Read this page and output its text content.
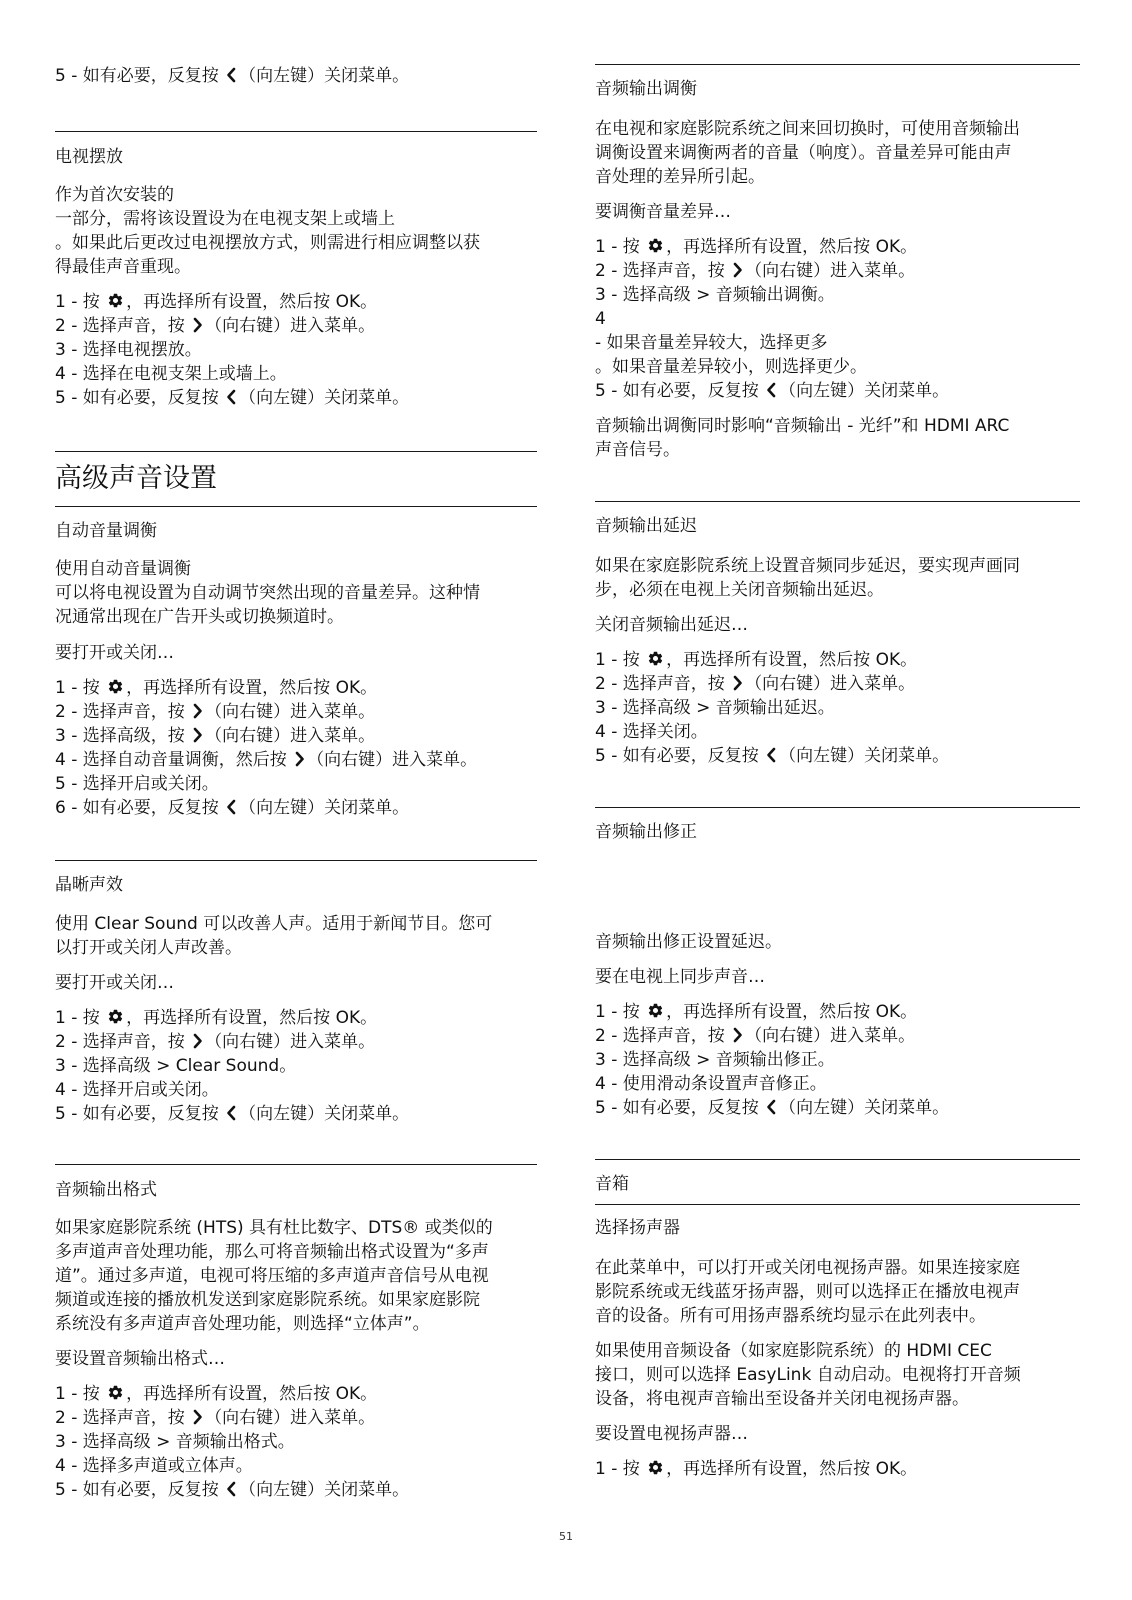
5 - 如有必要，反复按
（向左键）关闭菜单。
电视摆放
作为首次安装的
一部分，需将该设置设为在电视支架上或墙上
。如果此后更改过电视摆放方式，则需进行相应调整以获
得最佳声音重现。
1 - 按
，再选择所有设置，然后按 OK。
2 - 选择声音，按
（向右键）进入菜单。
3 - 选择电视摆放。
4 - 选择在电视支架上或墙上。
5 - 如有必要，反复按
（向左键）关闭菜单。
高级声音设置
自动音量调衡
使用自动音量调衡
可以将电视设置为自动调节突然出现的音量差异。这种情
况通常出现在广告开头或切换频道时。
要打开或关闭…
1 - 按
，再选择所有设置，然后按 OK。
2 - 选择声音，按
（向右键）进入菜单。
3 - 选择高级，按
（向右键）进入菜单。
4 - 选择自动音量调衡，然后按
（向右键）进入菜单。
5 - 选择开启或关闭。
6 - 如有必要，反复按
（向左键）关闭菜单。
晶晰声效
使用 Clear Sound 可以改善人声。适用于新闻节目。您可
以打开或关闭人声改善。
要打开或关闭…
1 - 按
，再选择所有设置，然后按 OK。
2 - 选择声音，按
（向右键）进入菜单。
3 - 选择高级 > Clear Sound。
4 - 选择开启或关闭。
5 - 如有必要，反复按
（向左键）关闭菜单。
音频输出格式
如果家庭影院系统 (HTS) 具有杜比数字、DTS® 或类似的
多声道声音处理功能，那么可将音频输出格式设置为“多声
道”。通过多声道，电视可将压缩的多声道声音信号从电视
频道或连接的播放机发送到家庭影院系统。如果家庭影院
系统没有多声道声音处理功能，则选择“立体声”。
要设置音频输出格式…
1 - 按
，再选择所有设置，然后按 OK。
2 - 选择声音，按
（向右键）进入菜单。
3 - 选择高级 > 音频输出格式。
4 - 选择多声道或立体声。
5 - 如有必要，反复按
（向左键）关闭菜单。
音频输出调衡
在电视和家庭影院系统之间来回切换时，可使用音频输出
调衡设置来调衡两者的音量（响度）。音量差异可能由声
音处理的差异所引起。
要调衡音量差异…
1 - 按
，再选择所有设置，然后按 OK。
2 - 选择声音，按
（向右键）进入菜单。
3 - 选择高级 > 音频输出调衡。
4
- 如果音量差异较大，选择更多
。如果音量差异较小，则选择更少。
5 - 如有必要，反复按
（向左键）关闭菜单。
音频输出调衡同时影响“音频输出 - 光纤”和 HDMI ARC
声音信号。
音频输出延迟
如果在家庭影院系统上设置音频同步延迟，要实现声画同
步，必须在电视上关闭音频输出延迟。
关闭音频输出延迟…
1 - 按
，再选择所有设置，然后按 OK。
2 - 选择声音，按
（向右键）进入菜单。
3 - 选择高级 > 音频输出延迟。
4 - 选择关闭。
5 - 如有必要，反复按
（向左键）关闭菜单。
音频输出修正
音频输出修正设置延迟。
要在电视上同步声音…
1 - 按
，再选择所有设置，然后按 OK。
2 - 选择声音，按
（向右键）进入菜单。
3 - 选择高级 > 音频输出修正。
4 - 使用滑动条设置声音修正。
5 - 如有必要，反复按
（向左键）关闭菜单。
音箱
选择扬声器
在此菜单中，可以打开或关闭电视扬声器。如果连接家庭
影院系统或无线蓝牙扬声器，则可以选择正在播放电视声
音的设备。所有可用扬声器系统均显示在此列表中。
如果使用音频设备（如家庭影院系统）的 HDMI CEC
接口，则可以选择 EasyLink 自动启动。电视将打开音频
设备，将电视声音输出至设备并关闭电视扬声器。
要设置电视扬声器…
1 - 按
，再选择所有设置，然后按 OK。
51
